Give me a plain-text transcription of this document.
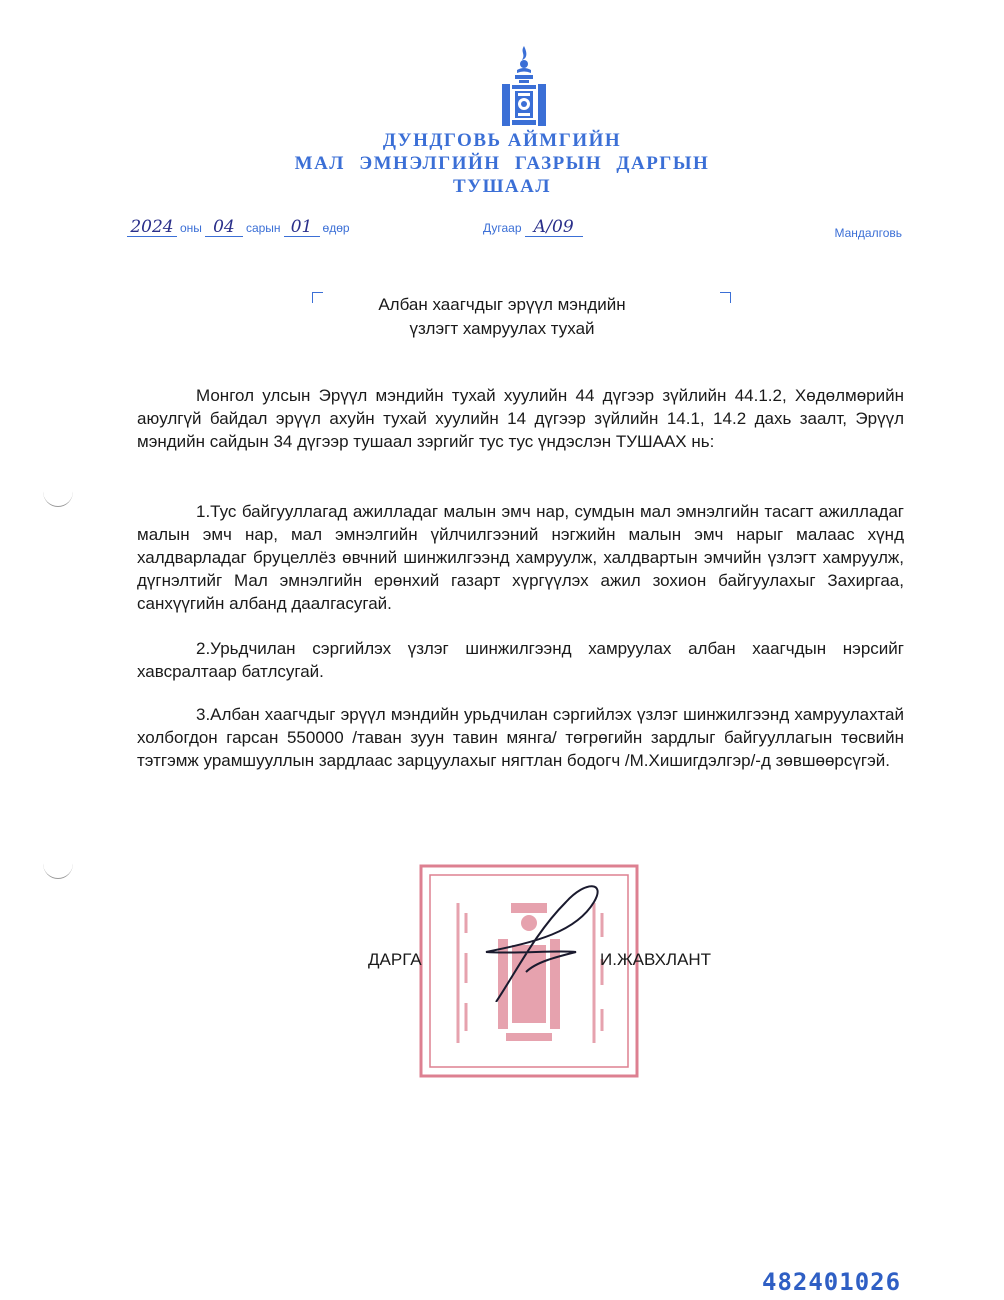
ДУНДГОВЬ АЙМГИЙН
МАЛ ЭМНЭЛГИЙН ГАЗРЫН ДАРГЫН
ТУШААЛ
2024 оны 04 сарын 01 өдөр	Дугаар А/09	Мандалговь
Албан хаагчдыг эрүүл мэндийн
үзлэгт хамруулах тухай
Монгол улсын Эрүүл мэндийн тухай хуулийн 44 дүгээр зүйлийн 44.1.2, Хөдөлмөрийн аюулгүй байдал эрүүл ахуйн тухай хуулийн 14 дүгээр зүйлийн 14.1, 14.2 дахь заалт, Эрүүл мэндийн сайдын 34 дүгээр тушаал зэргийг тус тус үндэслэн ТУШААХ нь:
1.Тус байгууллагад ажилладаг малын эмч нар, сумдын мал эмнэлгийн тасагт ажилладаг малын эмч нар, мал эмнэлгийн үйлчилгээний нэгжийн малын эмч нарыг малаас хүнд халдварладаг бруцеллёз өвчний шинжилгээнд хамруулж, халдвартын эмчийн үзлэгт хамруулж, дүгнэлтийг Мал эмнэлгийн ерөнхий газарт хүргүүлэх ажил зохион байгуулахыг Захиргаа, санхүүгийн албанд даалгасугай.
2.Урьдчилан сэргийлэх үзлэг шинжилгээнд хамруулах албан хаагчдын нэрсийг хавсралтаар батлсугай.
3.Албан хаагчдыг эрүүл мэндийн урьдчилан сэргийлэх үзлэг шинжилгээнд хамруулахтай холбогдон гарсан 550000 /таван зуун тавин мянга/ төгрөгийн зардлыг байгууллагын төсвийн тэтгэмж урамшууллын зардлаас зарцуулахыг нягтлан бодогч /М.Хишигдэлгэр/-д зөвшөөрсүгэй.
ДАРГА	И.ЖАВХЛАНТ
482401026
